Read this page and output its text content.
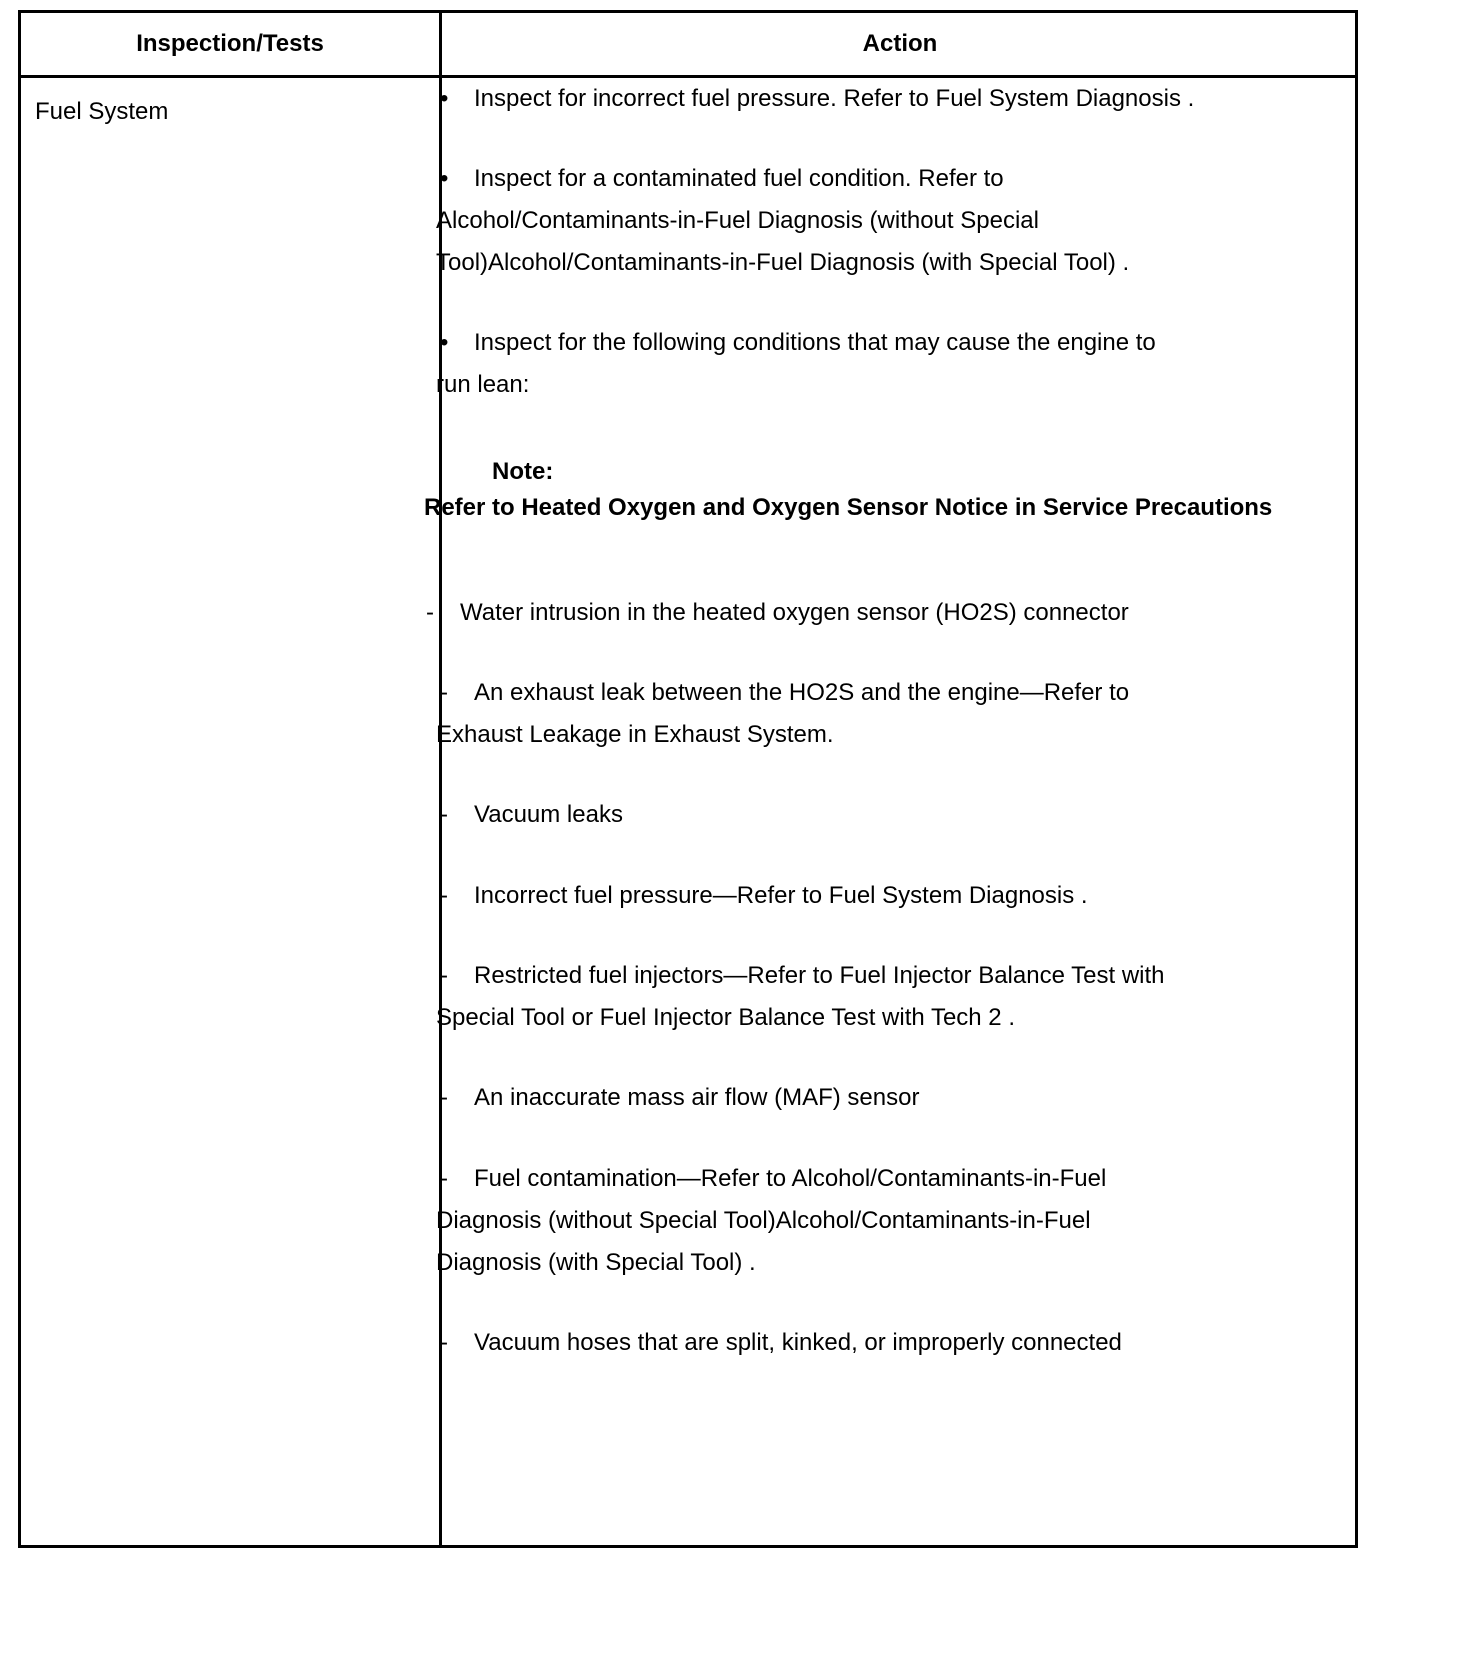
Inspection/Tests	Action
Fuel System	• Inspect for incorrect fuel pressure. Refer to Fuel System Diagnosis .
• Inspect for a contaminated fuel condition. Refer to
Alcohol/Contaminants-in-Fuel Diagnosis (without Special
Tool)Alcohol/Contaminants-in-Fuel Diagnosis (with Special Tool) .
• Inspect for the following conditions that may cause the engine to
run lean:
Note:
Refer to Heated Oxygen and Oxygen Sensor Notice in Service Precautions
- Water intrusion in the heated oxygen sensor (HO2S) connector
- An exhaust leak between the HO2S and the engine—Refer to
Exhaust Leakage in Exhaust System.
- Vacuum leaks
- Incorrect fuel pressure—Refer to Fuel System Diagnosis .
- Restricted fuel injectors—Refer to Fuel Injector Balance Test with
Special Tool or Fuel Injector Balance Test with Tech 2 .
- An inaccurate mass air flow (MAF) sensor
- Fuel contamination—Refer to Alcohol/Contaminants-in-Fuel
Diagnosis (without Special Tool)Alcohol/Contaminants-in-Fuel
Diagnosis (with Special Tool) .
- Vacuum hoses that are split, kinked, or improperly connected
